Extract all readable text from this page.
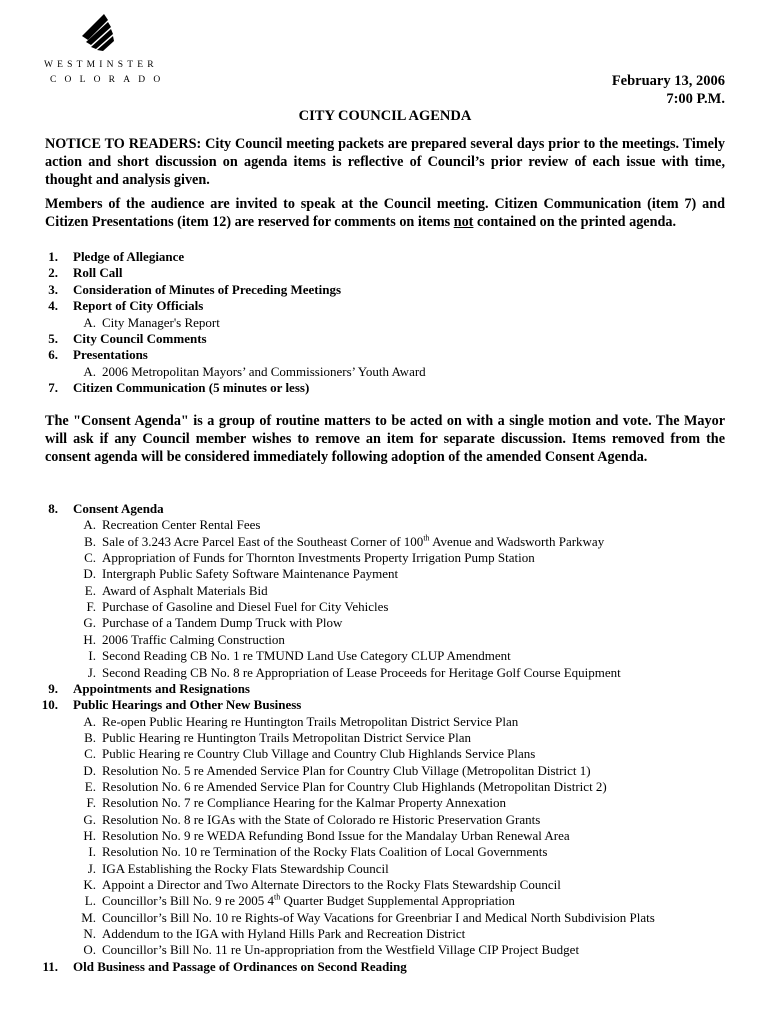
WESTMINSTER
COLORADO	February 13, 2006
7:00 P.M.
CITY COUNCIL AGENDA
NOTICE TO READERS: City Council meeting packets are prepared several days prior to the meetings. Timely action and short discussion on agenda items is reflective of Council’s prior review of each issue with time, thought and analysis given.
Members of the audience are invited to speak at the Council meeting. Citizen Communication (item 7) and Citizen Presentations (item 12) are reserved for comments on items not contained on the printed agenda.
1. Pledge of Allegiance
2. Roll Call
3. Consideration of Minutes of Preceding Meetings
4. Report of City Officials
A. City Manager's Report
5. City Council Comments
6. Presentations
A. 2006 Metropolitan Mayors’ and Commissioners’ Youth Award
7. Citizen Communication (5 minutes or less)
The "Consent Agenda" is a group of routine matters to be acted on with a single motion and vote. The Mayor will ask if any Council member wishes to remove an item for separate discussion. Items removed from the consent agenda will be considered immediately following adoption of the amended Consent Agenda.
8. Consent Agenda
A. Recreation Center Rental Fees
B. Sale of 3.243 Acre Parcel East of the Southeast Corner of 100th Avenue and Wadsworth Parkway
C. Appropriation of Funds for Thornton Investments Property Irrigation Pump Station
D. Intergraph Public Safety Software Maintenance Payment
E. Award of Asphalt Materials Bid
F. Purchase of Gasoline and Diesel Fuel for City Vehicles
G. Purchase of a Tandem Dump Truck with Plow
H. 2006 Traffic Calming Construction
I. Second Reading CB No. 1 re TMUND Land Use Category CLUP Amendment
J. Second Reading CB No. 8 re Appropriation of Lease Proceeds for Heritage Golf Course Equipment
9. Appointments and Resignations
10. Public Hearings and Other New Business
A. Re-open Public Hearing re Huntington Trails Metropolitan District Service Plan
B. Public Hearing re Huntington Trails Metropolitan District Service Plan
C. Public Hearing re Country Club Village and Country Club Highlands Service Plans
D. Resolution No. 5 re Amended Service Plan for Country Club Village (Metropolitan District 1)
E. Resolution No. 6 re Amended Service Plan for Country Club Highlands (Metropolitan District 2)
F. Resolution No. 7 re Compliance Hearing for the Kalmar Property Annexation
G. Resolution No. 8 re IGAs with the State of Colorado re Historic Preservation Grants
H. Resolution No. 9 re WEDA Refunding Bond Issue for the Mandalay Urban Renewal Area
I. Resolution No. 10 re Termination of the Rocky Flats Coalition of Local Governments
J. IGA Establishing the Rocky Flats Stewardship Council
K. Appoint a Director and Two Alternate Directors to the Rocky Flats Stewardship Council
L. Councillor’s Bill No. 9 re 2005 4th Quarter Budget Supplemental Appropriation
M. Councillor’s Bill No. 10 re Rights-of Way Vacations for Greenbriar I and Medical North Subdivision Plats
N. Addendum to the IGA with Hyland Hills Park and Recreation District
O. Councillor’s Bill No. 11 re Un-appropriation from the Westfield Village CIP Project Budget
11. Old Business and Passage of Ordinances on Second Reading
